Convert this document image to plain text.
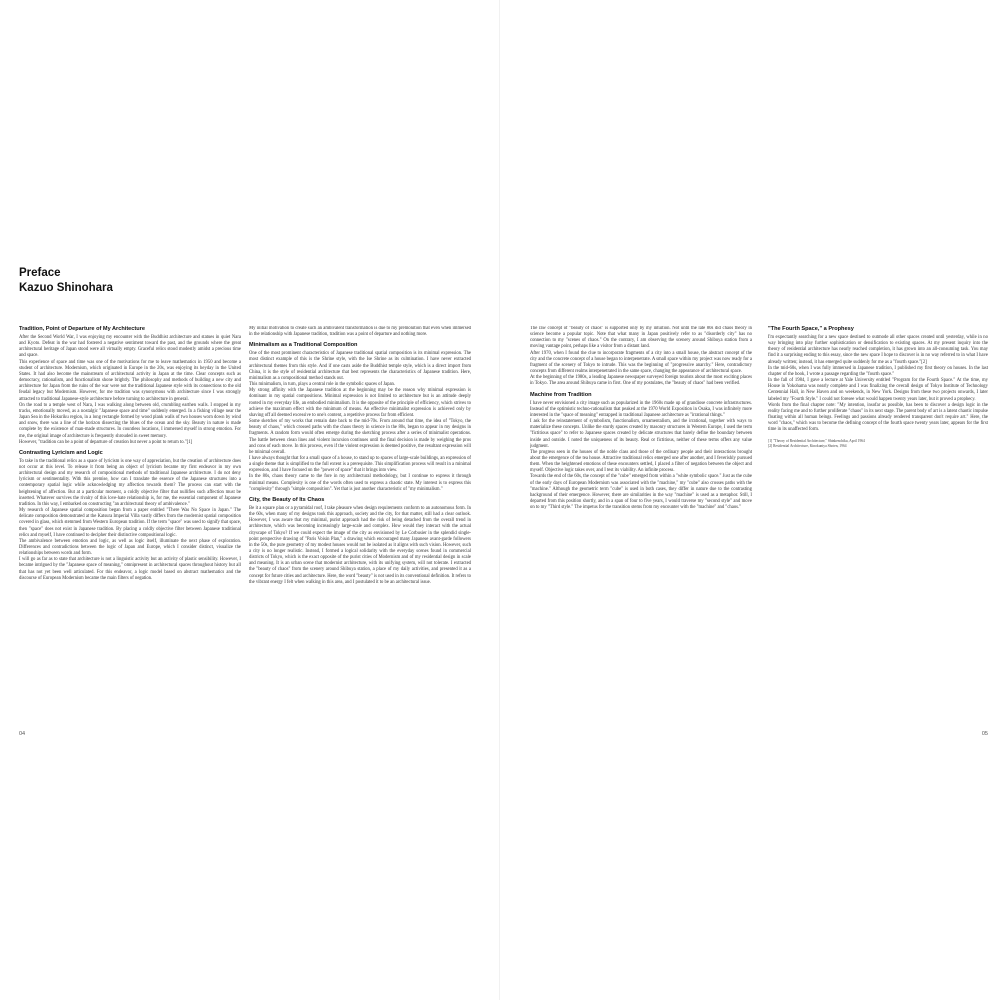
Preface
Kazuo Shinohara
Tradition, Point of Departure of My Architecture

After the Second World War, I was enjoying my encounter with the Buddhist architecture and statues in quiet Nara and Kyoto. Defeat in the war had fostered a negative sentiment toward the past, and the grounds where the great architectural heritage of Japan stood were all virtually empty. Graceful relics stood modestly amidst a precious time and space.

This experience of space and time was one of the motivations for me to leave mathematics in 1950 and become a student of architecture. Modernism, which originated in Europe in the 20s, was enjoying its heyday in the United States. It had also become the mainstream of architectural activity in Japan at the time. Clear concepts such as democracy, rationalism, and functionalism shone brightly. The philosophy and methods of building a new city and architecture for Japan from the ruins of the war were not the traditional Japanese style with its connections to the old feudal legacy but Modernism. However, for me tradition was synonymous with architecture since I was strongly attracted to traditional Japanese-style architecture before turning to architecture in general.

On the road to a temple west of Nara, I was walking along between old, crumbling earthen walls. I stopped in my tracks, emotionally moved, as a nostalgic "Japanese space and time" suddenly emerged. In a fishing village near the Japan Sea in the Hokuriku region, in a long rectangle formed by wood plank walls of two houses worn down by wind and snow, there was a line of the horizon dissecting the blues of the ocean and the sky. Beauty in nature is made complete by the existence of man-made structures. In countless locations, I immersed myself in strong emotion. For me, the original image of architecture is frequently shrouded in sweet memory.

However, "tradition can be a point of departure of creation but never a point to return to."[1]

Contrasting Lyricism and Logic

To take in the traditional relics as a space of lyricism is one way of appreciation, but the creation of architecture does not occur at this level. To release it from being an object of lyricism became my first endeavor in my own architectural design and my research of compositional methods of traditional Japanese architecture. I do not deny lyricism or sentimentality. With this premise, how can I translate the essence of the Japanese structures into a contemporary spatial logic while acknowledging my affection towards them? The process can start with the heightening of affection. But at a particular moment, a coldly objective filter that nullifies such affection must be inserted. Whatever survives the rivalry of this love-hate relationship is, for me, the essential component of Japanese tradition. In this way, I embarked on constructing "an architectural theory of ambivalence."

My research of Japanese spatial composition began from a paper entitled "There Was No Space in Japan." The delicate composition demonstrated at the Katsura Imperial Villa vastly differs from the modernist spatial composition covered in glass, which stemmed from Western European tradition. If the term "space" was used to signify that space, then "space" does not exist in Japanese tradition. By placing a coldly objective filter between Japanese traditional relics and myself, I have continued to decipher their distinctive compositional logic.

The ambivalence between emotion and logic, as well as logic itself, illuminate the next phase of exploration. Differences and contradictions between the logic of Japan and Europe, which I consider distinct, visualize the relationships between words and form.

I will go as far as to state that architecture is not a linguistic activity but an activity of plastic sensibility. However, I became intrigued by the "Japanese space of meaning," omnipresent in architectural spaces throughout history but all that has not yet been well articulated. For this endeavor, a logic model based on abstract mathematics and the discourse of European Modernism became the main filters of negation.

My initial motivation to create such an ambivalent transformation is due to my premonition that even when immersed in the relationship with Japanese tradition, tradition was a point of departure and nothing more.

Minimalism as a Traditional Composition

One of the most prominent characteristics of Japanese traditional spatial composition is its minimal expression. The most distinct example of this is the Shrine style, with the Ise Shrine as its culmination. I have never extracted architectural themes from this style. And if one casts aside the Buddhist temple style, which is a direct import from China, it is the style of residential architecture that best represents the characteristics of Japanese tradition. Here, minimalism as a compositional method stands out.

This minimalism, in turn, plays a central role in the symbolic spaces of Japan.

My strong affinity with the Japanese tradition at the beginning may be the reason why minimal expression is dominant in my spatial compositions. Minimal expression is not limited to architecture but is an attitude deeply rooted in my everyday life, an embodied minimalism. It is the opposite of the principle of efficiency, which strives to achieve the maximum effect with the minimum of means. An effective minimalist expression is achieved only by shaving off all deemed excessive to one's content, a repetitive process far from efficient.

Some sketches of my works that remain date back to the mid-70s. From around that time, the idea of "Tokyo, the beauty of chaos," which crossed paths with the chaos theory in science in the 80s, began to appear in my designs in fragments. A random form would often emerge during the sketching process after a series of minimalist operations. The battle between clean lines and violent incursion continues until the final decision is made by weighing the pros and cons of each move. In this process, even if the violent expression is deemed positive, the resultant expression will be minimal overall.

I have always thought that for a small space of a house, to stand up to spaces of large-scale buildings, an expression of a single theme that is simplified to the full extent is a prerequisite. This simplification process will result in a minimal expression, and I have focused on the "power of space" that it brings into view.

In the 80s, chaos theory came to the fore in my architectural methodology, but I continue to express it through minimal means. Complexity is one of the words often used to express a chaotic state. My interest is to express this "complexity" through "simple composition". Yet that is just another characteristic of "my minimalism."

City, the Beauty of Its Chaos

Be it a square plan or a pyramidal roof, I take pleasure when design requirements conform to an autonomous form. In the 60s, when many of my designs took this approach, society and the city, for that matter, still had a clear outlook. However, I was aware that my minimal, purist approach had the risk of being detached from the overall trend in architecture, which was becoming increasingly large-scale and complex. How would they interact with the actual cityscape of Tokyo? If we could expect the image of the city as envisioned by Le Corbusier in the splendid single-point perspective drawing of "Paris Voisin Plan," a drawing which encouraged many Japanese avant-garde followers in the 50s, the pure geometry of my modest houses would not be isolated as it aligns with such vision. However, such a city is no longer realistic. Instead, I formed a logical solidarity with the everyday scenes found in commercial districts of Tokyo, which is the exact opposite of the purist cities of Modernism and of my residential design in scale and meaning. It is an urban scene that modernist architecture, with its unifying system, will not tolerate. I extracted the "beauty of chaos" from the scenery around Shibuya station, a place of my daily activities, and presented it as a concept for future cities and architecture. Here, the word "beauty" is not used in its conventional definition. It refers to the vibrant energy I felt when walking in this area, and I postulated it to be an architectural issue.

04

The raw concept of "beauty of chaos" is supported only by my intuition. Not until the late 80s did chaos theory in science become a popular topic. Note that what many in Japan positively refer to as "disorderly city" has no connection to my "scenes of chaos." On the contrary, I am observing the scenery around Shibuya station from a moving vantage point, perhaps like a visitor from a distant land.

After 1970, when I found the clue to incorporate fragments of a city into a small house, the abstract concept of the city and the concrete concept of a house began to interpenetrate. A small space within my project was now ready for a fragment of the scenery of Tokyo to intrude. This was the beginning of "progressive anarchy." Here, contradictory concepts from different realms interpenetrated in the same space, changing the appearance of architectural space.

At the beginning of the 1980s, a leading Japanese newspaper surveyed foreign tourists about the most exciting places in Tokyo. The area around Shibuya came in first. One of my postulates, the "beauty of chaos" had been verified.

Machine from Tradition

I have never envisioned a city image such as popularized in the 1960s made up of grandiose concrete infrastructures. Instead of the optimistic techno-rationalism that peaked at the 1970 World Exposition in Osaka, I was infinitely more interested in the "space of meaning" entrapped in traditional Japanese architecture as "irrational things."

I ask for the reinstatement of symbolism, functionalism, ornamentalism, and the irrational, together with ways to materialize these concepts. Unlike the sturdy spaces created by masonry structures in Western Europe, I used the term "fictitious space" to refer to Japanese spaces created by delicate structures that barely define the boundary between inside and outside. I noted the uniqueness of its beauty. Real or fictitious, neither of these terms offers any value judgment.

The progress seen in the houses of the noble class and those of the ordinary people and their interactions brought about the emergence of the tea house. Attractive traditional relics emerged one after another, and I feverishly pursued them. When the heightened emotions of these encounters settled, I placed a filter of negation between the object and myself. Objective logic takes over, and I test its viability. An infinite process.

Towards the end of the 60s, the concept of the "cube" emerged from within a "white symbolic space." Just as the cube of the early days of European Modernism was associated with the "machine," my "cube" also crosses paths with the "machine." Although the geometric term "cube" is used in both cases, they differ in nature due to the contrasting background of their emergence. However, there are similarities in the way "machine" is used as a metaphor. Still, I departed from this position shortly, and in a span of four to five years, I would traverse my "second style" and move on to my "Third style." The impetus for the transition stems from my encounter with the "machine" and "chaos."

"The Fourth Space," a Prophesy

I'm expectantly searching for a new space destined to outmode all other spaces created until yesterday, while in no way bringing into play further sophistication or densification to existing spaces. At my present inquiry into the theory of residential architecture has nearly reached completion, it has grown into an all-consuming task. You may find it a surprising ending to this essay, since the new space I hope to discover is in no way referred to in what I have already written; instead, it has emerged quite suddenly for me as a "fourth space."[2]

In the mid-60s, when I was fully immersed in Japanese tradition, I published my first theory on houses. In the last chapter of the book, I wrote a passage regarding the "fourth space."

In the fall of 1984, I gave a lecture at Yale University entitled "Program for the Fourth Space." At the time, my House in Yokohama was nearly complete and I was finalizing the overall design of Tokyo Institute of Technology Centennial Hall, in New Haven and on weekends, in New York. Designs from these two projects onwards, I later labeled my "Fourth Style." I could not foresee what would happen twenty years later, but it proved a prophecy.

Words from the final chapter note: "My intention, insofar as possible, has been to discover a design logic in the reality facing me and to further proliferate "chaos" in its next stage. The parent body of art is a latent chaotic impulse floating within all human beings. Feelings and passions already rendered transparent don't require art." Here, the word "chaos," which was to become the defining concept of the fourth space twenty years later, appears for the first time in its unaffected form.

[1] "Theory of Residential Architecture," Shinkenchiku, April 1964
[2] Residential Architecture, Kinokuniya Shoten, 1964
05
